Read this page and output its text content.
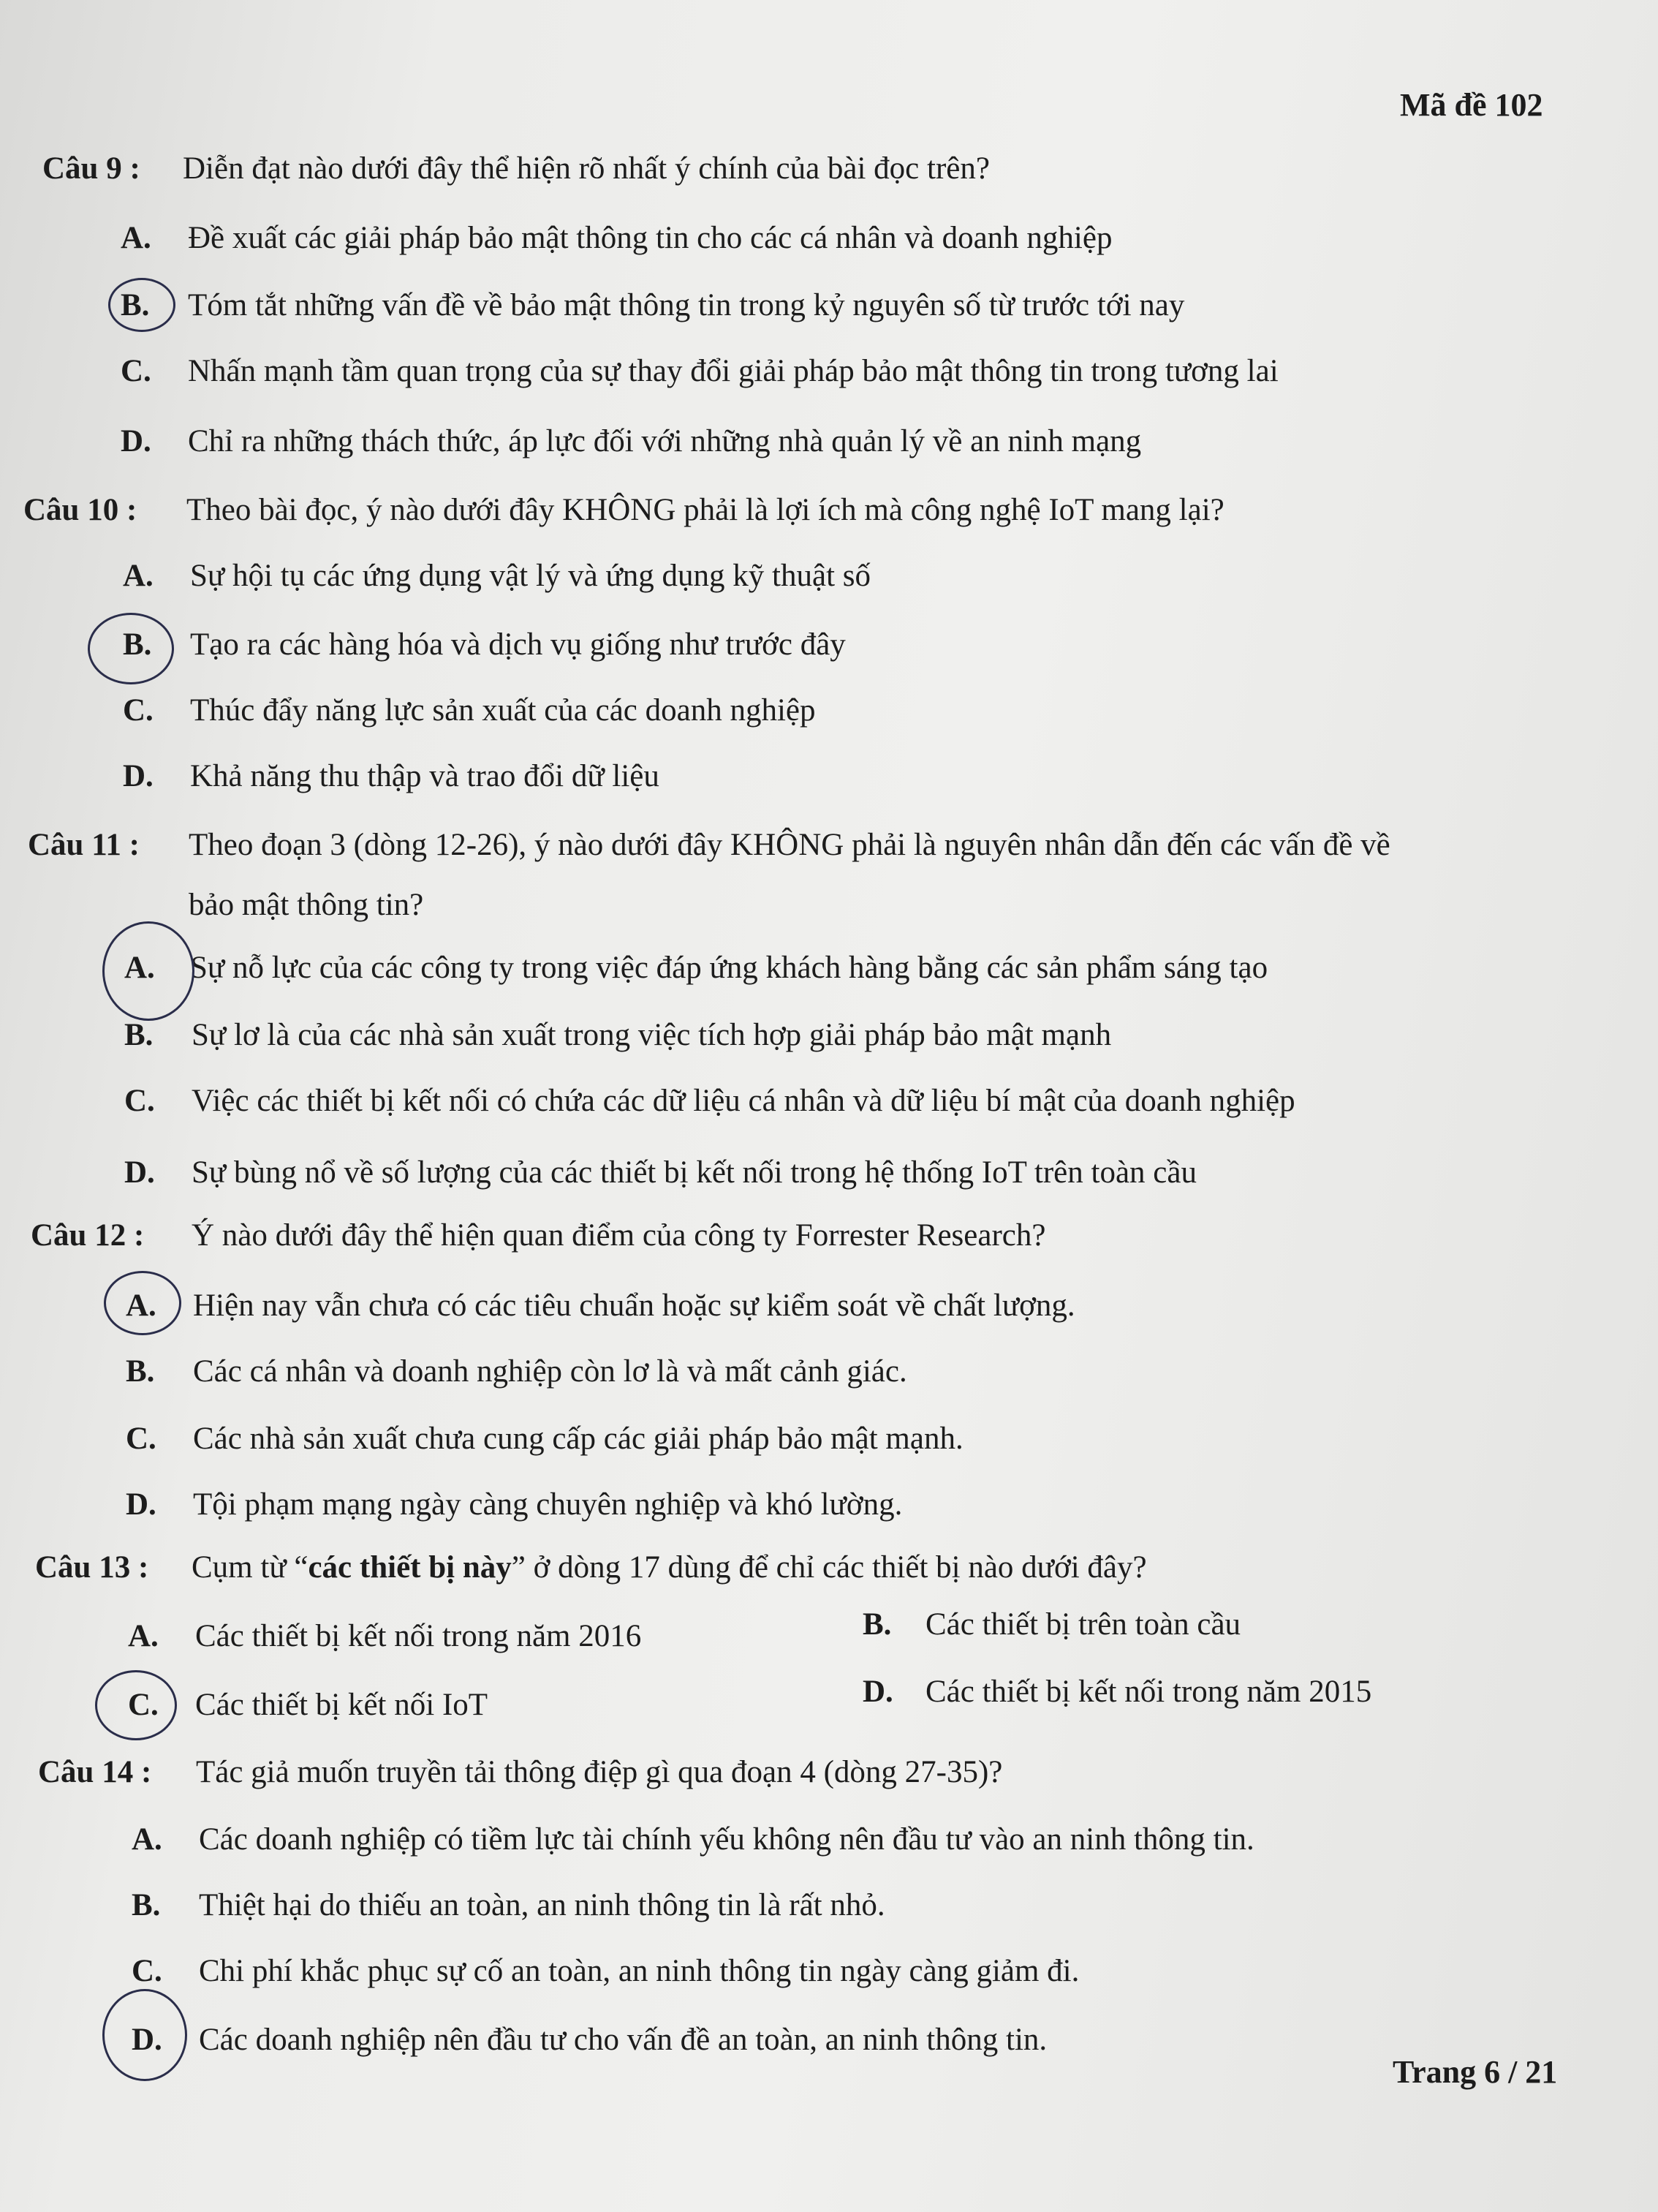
Mã đề 102
Câu 9 : Diễn đạt nào dưới đây thể hiện rõ nhất ý chính của bài đọc trên?
A. Đề xuất các giải pháp bảo mật thông tin cho các cá nhân và doanh nghiệp
B. Tóm tắt những vấn đề về bảo mật thông tin trong kỷ nguyên số từ trước tới nay
C. Nhấn mạnh tầm quan trọng của sự thay đổi giải pháp bảo mật thông tin trong tương lai
D. Chỉ ra những thách thức, áp lực đối với những nhà quản lý về an ninh mạng
Câu 10 : Theo bài đọc, ý nào dưới đây KHÔNG phải là lợi ích mà công nghệ IoT mang lại?
A. Sự hội tụ các ứng dụng vật lý và ứng dụng kỹ thuật số
B. Tạo ra các hàng hóa và dịch vụ giống như trước đây
C. Thúc đẩy năng lực sản xuất của các doanh nghiệp
D. Khả năng thu thập và trao đổi dữ liệu
Câu 11 : Theo đoạn 3 (dòng 12-26), ý nào dưới đây KHÔNG phải là nguyên nhân dẫn đến các vấn đề về
bảo mật thông tin?
A. Sự nỗ lực của các công ty trong việc đáp ứng khách hàng bằng các sản phẩm sáng tạo
B. Sự lơ là của các nhà sản xuất trong việc tích hợp giải pháp bảo mật mạnh
C. Việc các thiết bị kết nối có chứa các dữ liệu cá nhân và dữ liệu bí mật của doanh nghiệp
D. Sự bùng nổ về số lượng của các thiết bị kết nối trong hệ thống IoT trên toàn cầu
Câu 12 : Ý nào dưới đây thể hiện quan điểm của công ty Forrester Research?
A. Hiện nay vẫn chưa có các tiêu chuẩn hoặc sự kiểm soát về chất lượng.
B. Các cá nhân và doanh nghiệp còn lơ là và mất cảnh giác.
C. Các nhà sản xuất chưa cung cấp các giải pháp bảo mật mạnh.
D. Tội phạm mạng ngày càng chuyên nghiệp và khó lường.
Câu 13 : Cụm từ “các thiết bị này” ở dòng 17 dùng để chỉ các thiết bị nào dưới đây?
A. Các thiết bị kết nối trong năm 2016	B. Các thiết bị trên toàn cầu
C. Các thiết bị kết nối IoT	D. Các thiết bị kết nối trong năm 2015
Câu 14 : Tác giả muốn truyền tải thông điệp gì qua đoạn 4 (dòng 27-35)?
A. Các doanh nghiệp có tiềm lực tài chính yếu không nên đầu tư vào an ninh thông tin.
B. Thiệt hại do thiếu an toàn, an ninh thông tin là rất nhỏ.
C. Chi phí khắc phục sự cố an toàn, an ninh thông tin ngày càng giảm đi.
D. Các doanh nghiệp nên đầu tư cho vấn đề an toàn, an ninh thông tin.
Trang 6 / 21
